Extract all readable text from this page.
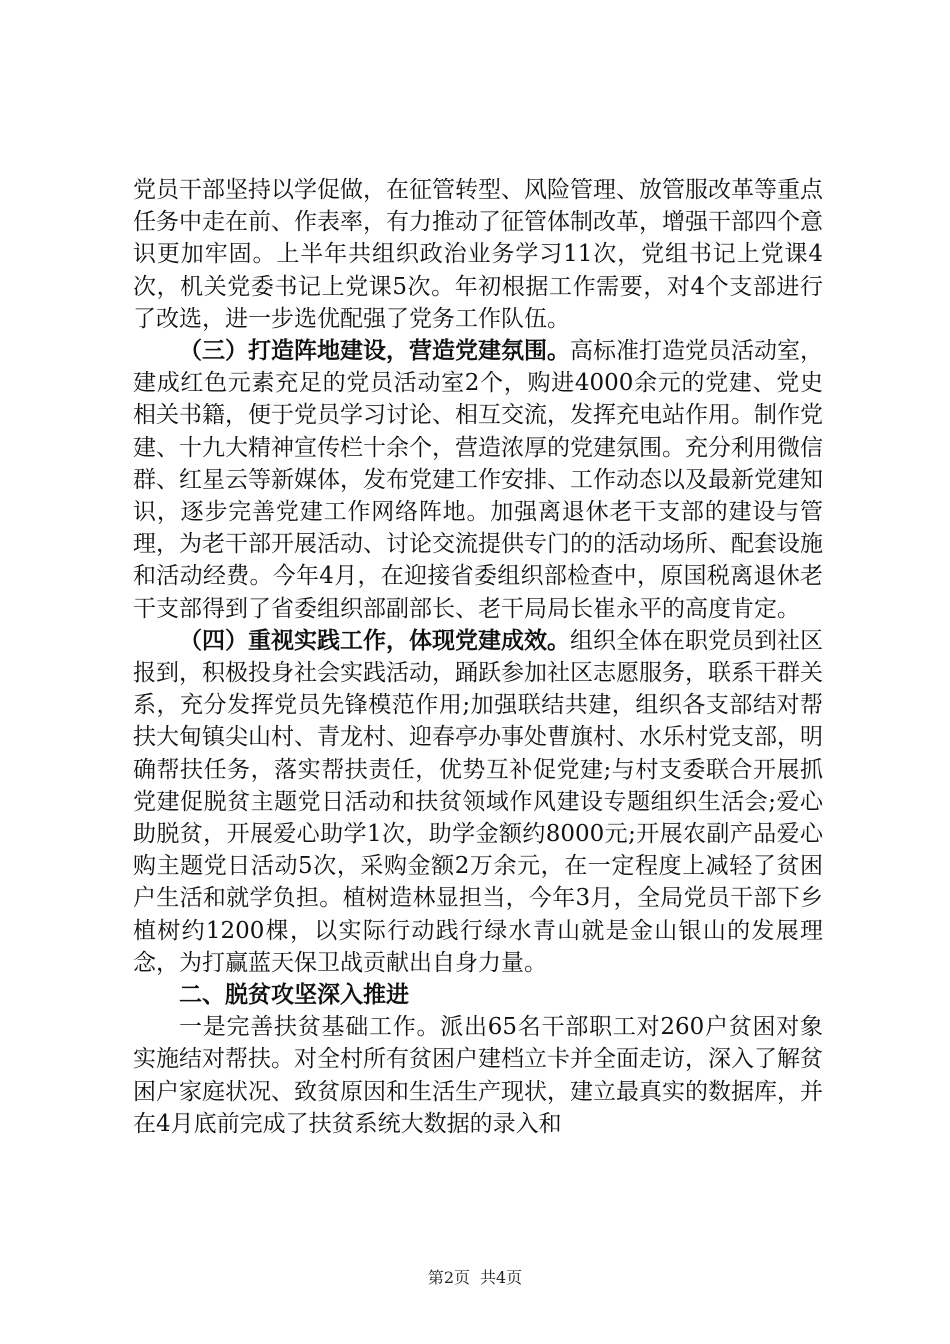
党员干部坚持以学促做，在征管转型、风险管理、放管服改革等重点任务中走在前、作表率，有力推动了征管体制改革，增强干部四个意识更加牢固。上半年共组织政治业务学习11次，党组书记上党课4次，机关党委书记上党课5次。年初根据工作需要，对4个支部进行了改选，进一步选优配强了党务工作队伍。

（三）打造阵地建设，营造党建氛围。高标准打造党员活动室，建成红色元素充足的党员活动室2个，购进4000余元的党建、党史相关书籍，便于党员学习讨论、相互交流，发挥充电站作用。制作党建、十九大精神宣传栏十余个，营造浓厚的党建氛围。充分利用微信群、红星云等新媒体，发布党建工作安排、工作动态以及最新党建知识，逐步完善党建工作网络阵地。加强离退休老干支部的建设与管理，为老干部开展活动、讨论交流提供专门的的活动场所、配套设施和活动经费。今年4月，在迎接省委组织部检查中，原国税离退休老干支部得到了省委组织部副部长、老干局局长崔永平的高度肯定。

（四）重视实践工作，体现党建成效。组织全体在职党员到社区报到，积极投身社会实践活动，踊跃参加社区志愿服务，联系干群关系，充分发挥党员先锋模范作用;加强联结共建，组织各支部结对帮扶大甸镇尖山村、青龙村、迎春亭办事处曹旗村、水乐村党支部，明确帮扶任务，落实帮扶责任，优势互补促党建;与村支委联合开展抓党建促脱贫主题党日活动和扶贫领域作风建设专题组织生活会;爱心助脱贫，开展爱心助学1次，助学金额约8000元;开展农副产品爱心购主题党日活动5次，采购金额2万余元，在一定程度上减轻了贫困户生活和就学负担。植树造林显担当，今年3月，全局党员干部下乡植树约1200棵，以实际行动践行绿水青山就是金山银山的发展理念，为打赢蓝天保卫战贡献出自身力量。

二、脱贫攻坚深入推进

一是完善扶贫基础工作。派出65名干部职工对260户贫困对象实施结对帮扶。对全村所有贫困户建档立卡并全面走访，深入了解贫困户家庭状况、致贫原因和生活生产现状，建立最真实的数据库，并在4月底前完成了扶贫系统大数据的录入和

第2页 共4页
